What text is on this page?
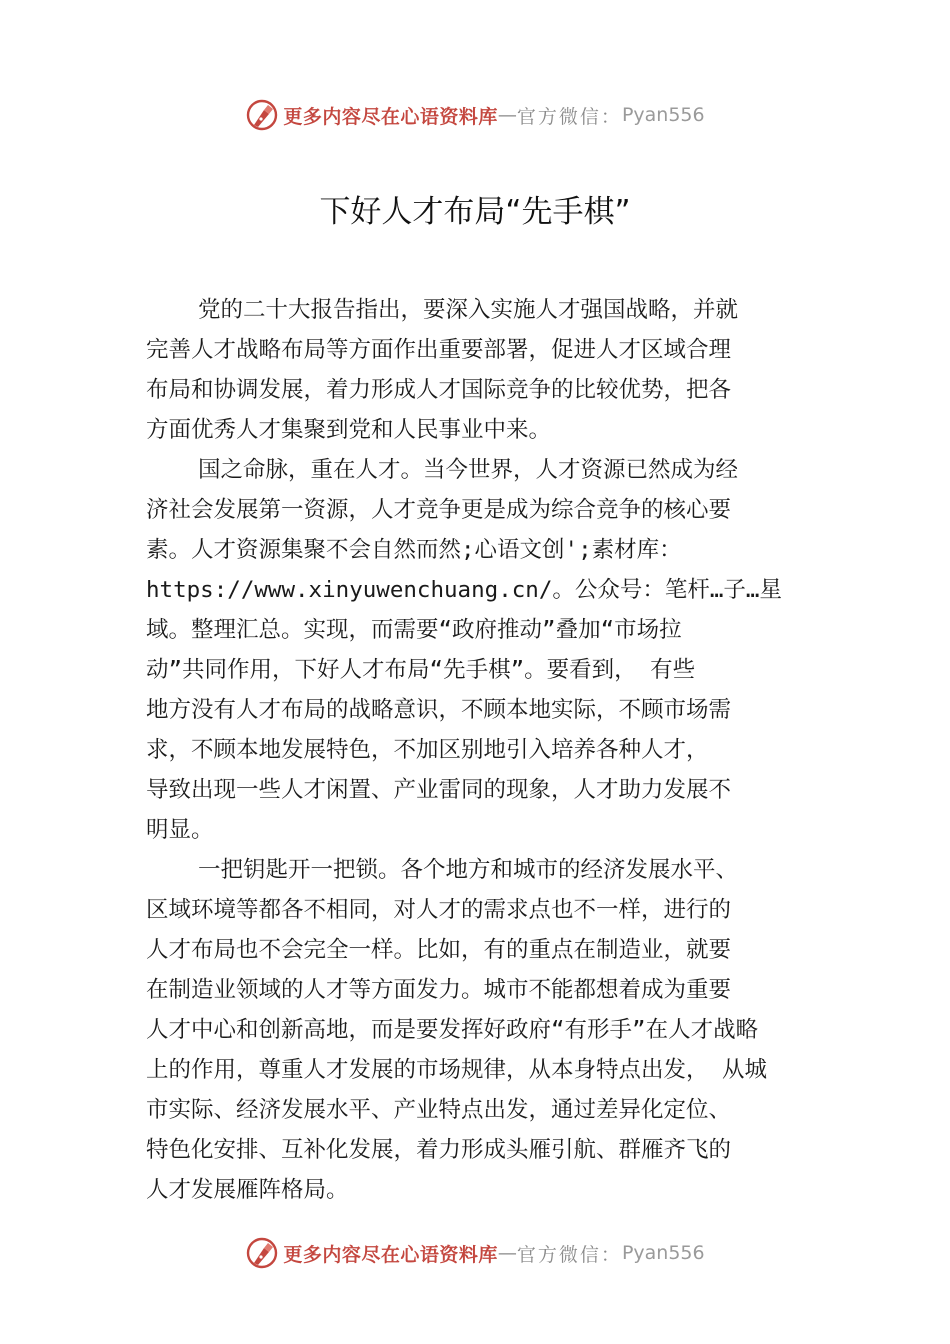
更多内容尽在心语资料库 — 官方微信： Pyan556
下好人才布局“先手棋”
党的二十大报告指出，要深入实施人才强国战略，并就
完善人才战略布局等方面作出重要部署，促进人才区域合理
布局和协调发展，着力形成人才国际竞争的比较优势，把各
方面优秀人才集聚到党和人民事业中来。
国之命脉，重在人才。当今世界，人才资源已然成为经
济社会发展第一资源，人才竞争更是成为综合竞争的核心要
素。人才资源集聚不会自然而然;心语文创';素材库：
https://www.xinyuwenchuang.cn/。公众号：笔杆…子…星
域。整理汇总。实现，而需要“政府推动”叠加“市场拉
动”共同作用，下好人才布局“先手棋”。要看到， 有些
地方没有人才布局的战略意识，不顾本地实际，不顾市场需
求，不顾本地发展特色，不加区别地引入培养各种人才，
导致出现一些人才闲置、产业雷同的现象，人才助力发展不
明显。
一把钥匙开一把锁。各个地方和城市的经济发展水平、
区域环境等都各不相同，对人才的需求点也不一样，进行的
人才布局也不会完全一样。比如，有的重点在制造业，就要
在制造业领域的人才等方面发力。城市不能都想着成为重要
人才中心和创新高地，而是要发挥好政府“有形手”在人才战略
上的作用，尊重人才发展的市场规律，从本身特点出发， 从城
市实际、经济发展水平、产业特点出发，通过差异化定位、
特色化安排、互补化发展，着力形成头雁引航、群雁齐飞的
人才发展雁阵格局。
更多内容尽在心语资料库 — 官方微信： Pyan556
